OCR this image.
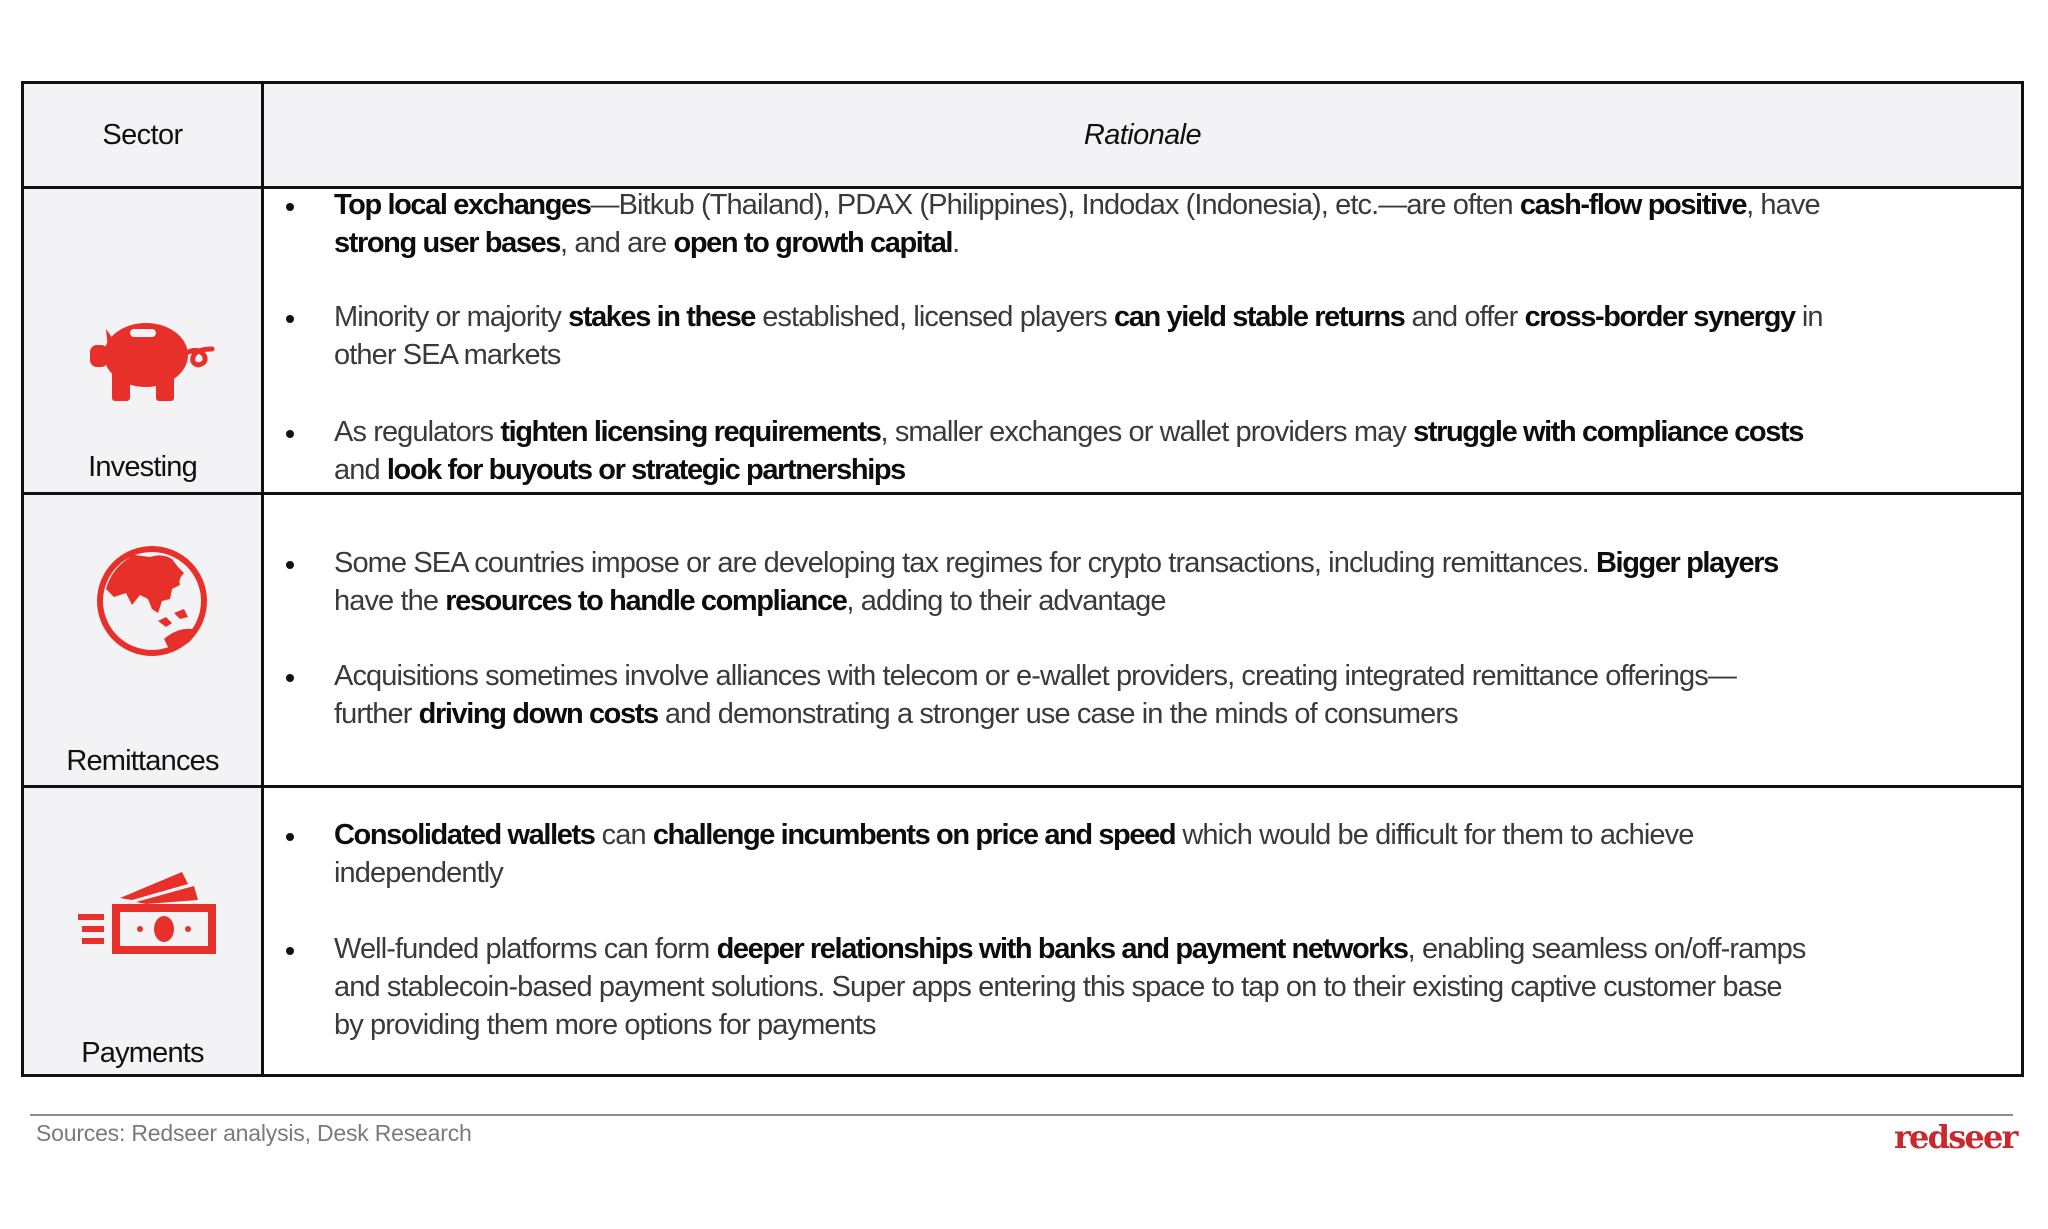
Sector	Rationale
Investing
Remittances
Payments
Top local exchanges—Bitkub (Thailand), PDAX (Philippines), Indodax (Indonesia), etc.—are often cash-flow positive, have
strong user bases, and are open to growth capital.
Minority or majority stakes in these established, licensed players can yield stable returns and offer cross-border synergy in
other SEA markets
As regulators tighten licensing requirements, smaller exchanges or wallet providers may struggle with compliance costs
and look for buyouts or strategic partnerships
Some SEA countries impose or are developing tax regimes for crypto transactions, including remittances. Bigger players
have the resources to handle compliance, adding to their advantage
Acquisitions sometimes involve alliances with telecom or e-wallet providers, creating integrated remittance offerings—
further driving down costs and demonstrating a stronger use case in the minds of consumers
Consolidated wallets can challenge incumbents on price and speed which would be difficult for them to achieve
independently
Well-funded platforms can form deeper relationships with banks and payment networks, enabling seamless on/off-ramps
and stablecoin-based payment solutions. Super apps entering this space to tap on to their existing captive customer base
by providing them more options for payments
Sources: Redseer analysis, Desk Research	redseer
